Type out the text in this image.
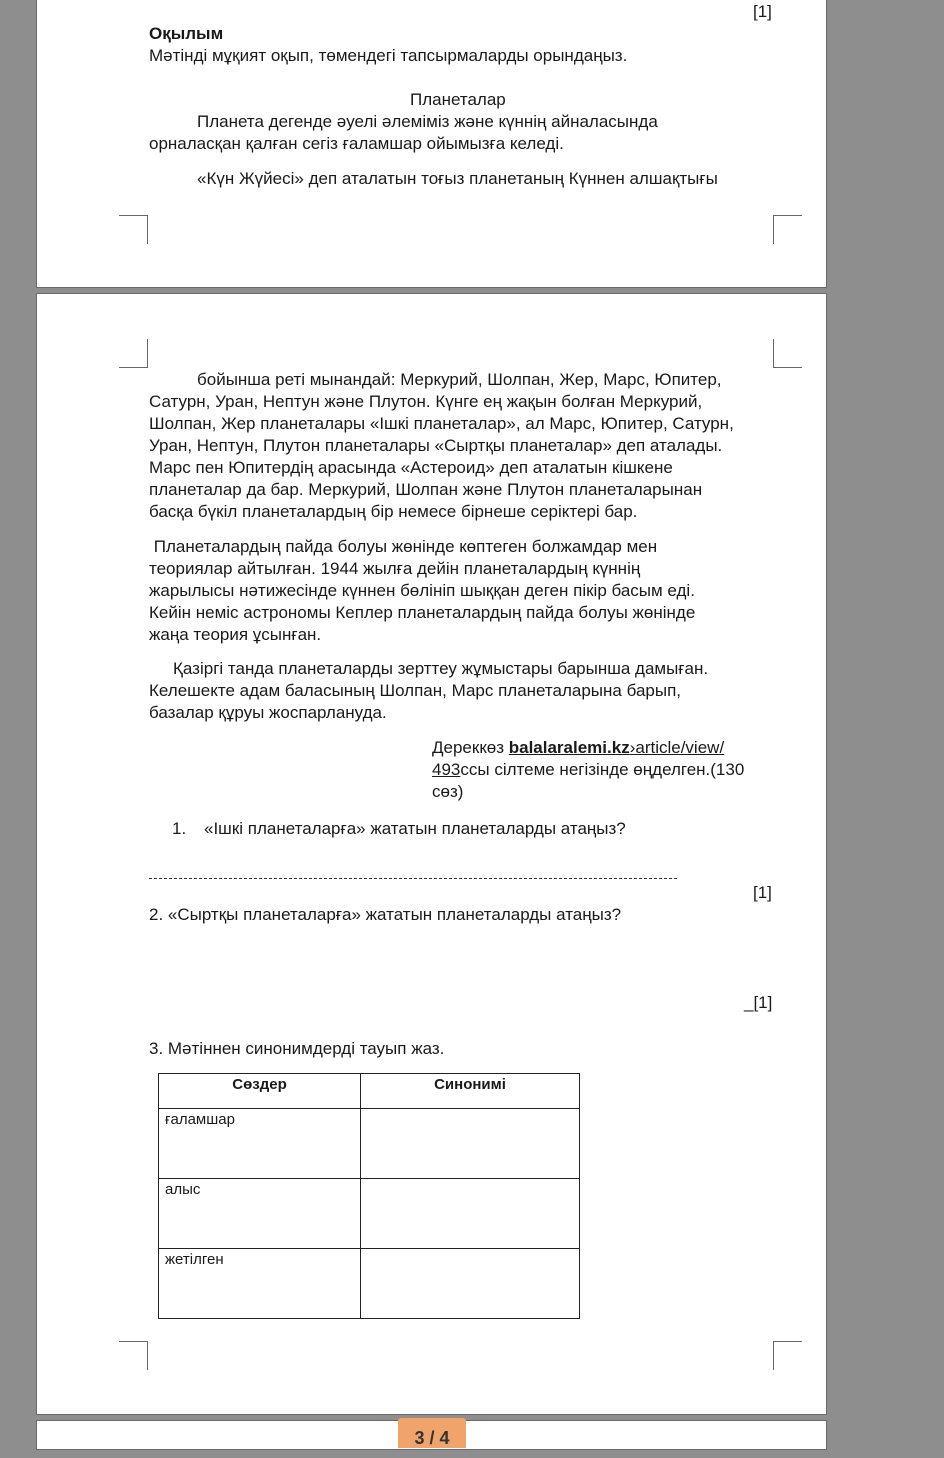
[1]
Оқылым
Мәтінді мұқият оқып, төмендегі тапсырмаларды орындаңыз.
Планеталар
Планета дегенде әуелі әлеміміз және күннің айналасында
орналасқан қалған сегіз ғаламшар ойымызға келеді.
«Күн Жүйесі» деп аталатын тоғыз планетаның Күннен алшақтығы
бойынша реті мынандай: Меркурий, Шолпан, Жер, Марс, Юпитер,
Сатурн, Уран, Нептун және Плутон. Күнге ең жақын болған Меркурий,
Шолпан, Жер планеталары «Ішкі планеталар», ал Марс, Юпитер, Сатурн,
Уран, Нептун, Плутон планеталары «Сыртқы планеталар» деп аталады.
Марс пен Юпитердің арасында «Астероид» деп аталатын кішкене
планеталар да бар. Меркурий, Шолпан және Плутон планеталарынан
басқа бүкіл планеталардың бір немесе бірнеше серіктері бар.
Планеталардың пайда болуы жөнінде көптеген болжамдар мен
теориялар айтылған. 1944 жылға дейін планеталардың күннің
жарылысы нәтижесінде күннен бөлініп шыққан деген пікір басым еді.
Кейін неміс астрономы Кеплер планеталардың пайда болуы жөнінде
жаңа теория ұсынған.
Қазіргі танда планеталарды зерттеу жұмыстары барынша дамыған.
Келешекте адам баласының Шолпан, Марс планеталарына барып,
базалар құруы жоспарлануда.
Дереккөз balalaralemi.kz›article/view/
493ссы сілтеме негізінде өңделген.(130
сөз)
1. «Ішкі планеталарға» жататын планеталарды атаңыз?
[1]
2. «Сыртқы планеталарға» жататын планеталарды атаңыз?
_[1]
3. Мәтіннен синонимдерді тауып жаз.
Сөздер	Синонимі
ғаламшар	
алыс	
жетілген	
3 / 4
